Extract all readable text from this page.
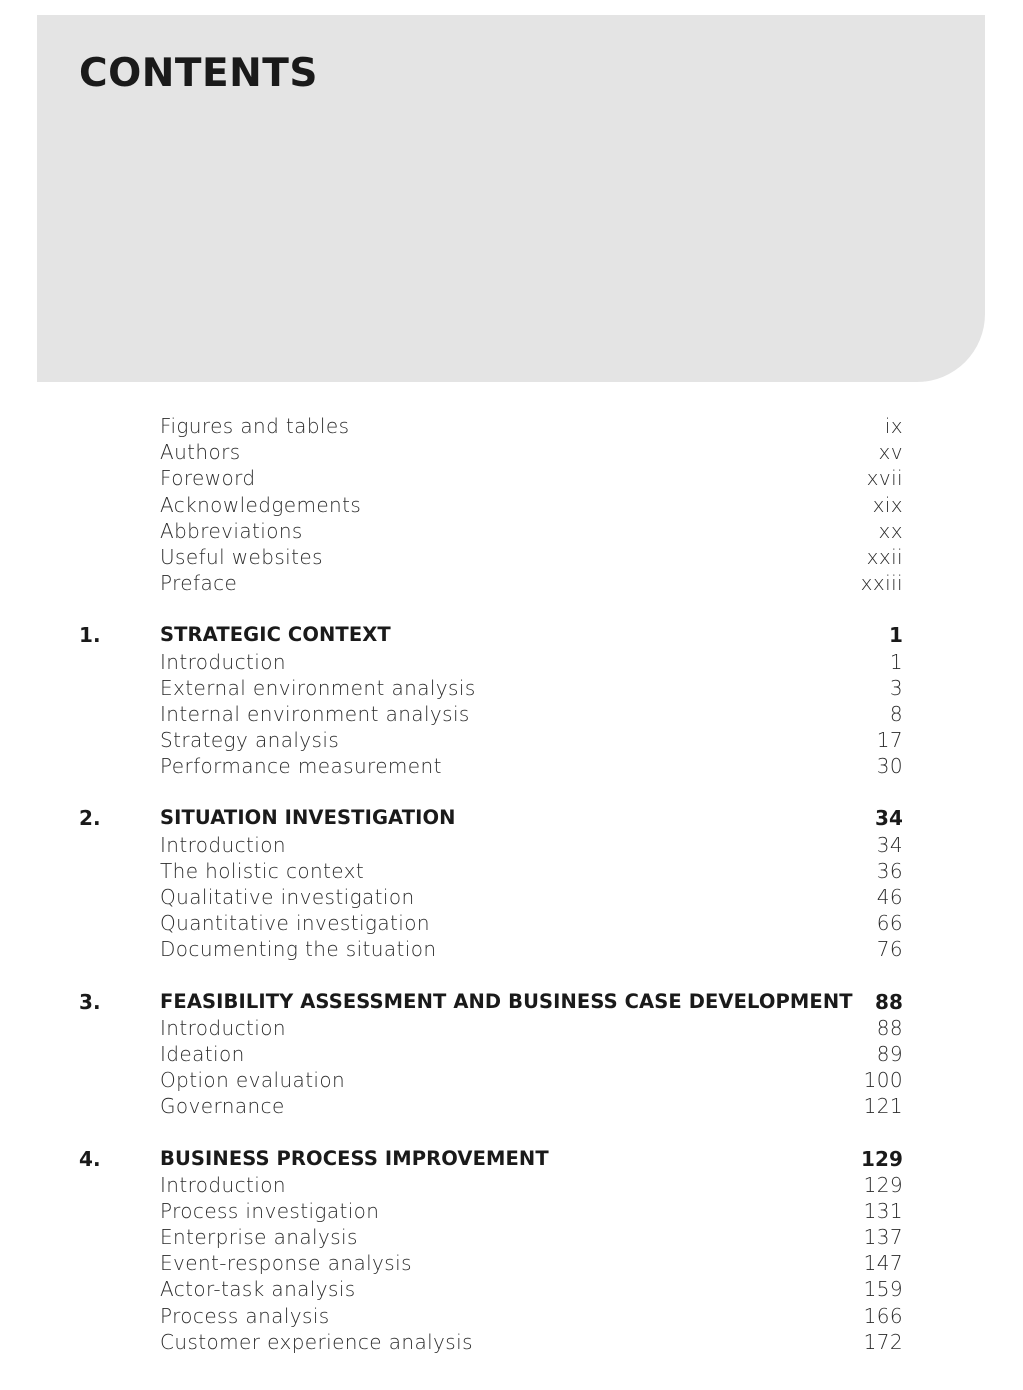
CONTENTS
Figures and tables	ix
Authors	xv
Foreword	xvii
Acknowledgements	xix
Abbreviations	xx
Useful websites	xxii
Preface	xxiii
1.	STRATEGIC CONTEXT	1
Introduction	1
External environment analysis	3
Internal environment analysis	8
Strategy analysis	17
Performance measurement	30
2.	SITUATION INVESTIGATION	34
Introduction	34
The holistic context	36
Qualitative investigation	46
Quantitative investigation	66
Documenting the situation	76
3.	FEASIBILITY ASSESSMENT AND BUSINESS CASE DEVELOPMENT 88
Introduction	88
Ideation	89
Option evaluation	100
Governance	121
4.	BUSINESS PROCESS IMPROVEMENT	129
Introduction	129
Process investigation	131
Enterprise analysis	137
Event-response analysis	147
Actor-task analysis	159
Process analysis	166
Customer experience analysis	172
